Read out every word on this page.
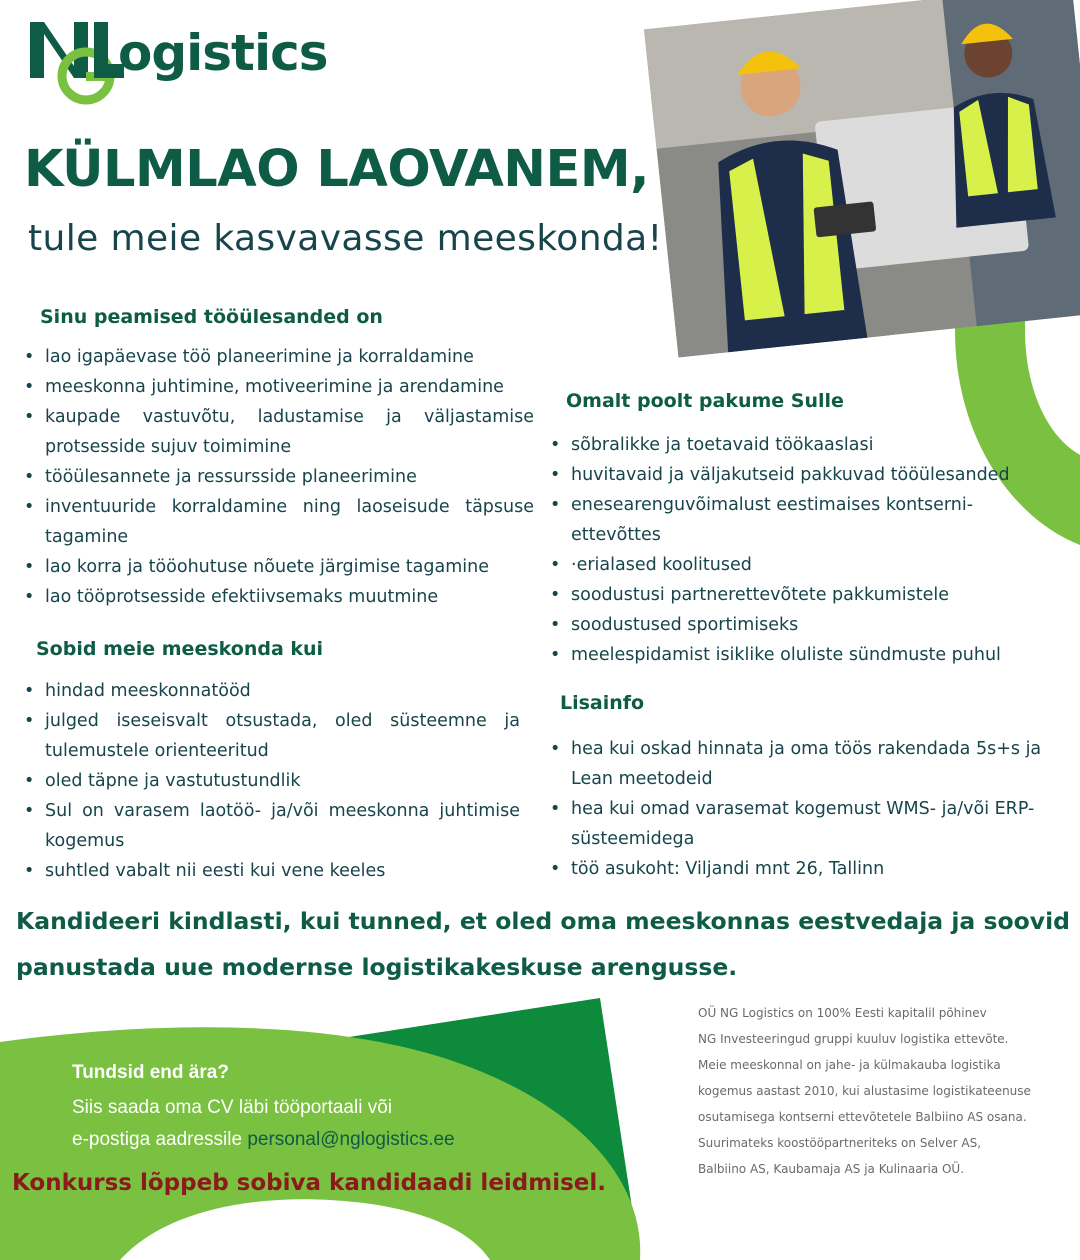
ogistics
KÜLMLAO LAOVANEM,
tule meie kasvavasse meeskonda!
Sinu peamised tööülesanded on
• lao igapäevase töö planeerimine ja korraldamine
• meeskonna juhtimine, motiveerimine ja arendamine
• kaupade vastuvõtu, ladustamise ja väljastamise protsesside sujuv toimimine
• tööülesannete ja ressursside planeerimine
• inventuuride korraldamine ning laoseisude täpsuse tagamine
• lao korra ja tööohutuse nõuete järgimise tagamine
• lao tööprotsesside efektiivsemaks muutmine
Sobid meie meeskonda kui
• hindad meeskonnatööd
• julged iseseisvalt otsustada, oled süsteemne ja tulemustele orienteeritud
• oled täpne ja vastutustundlik
• Sul on varasem laotöö- ja/või meeskonna juhtimise kogemus
• suhtled vabalt nii eesti kui vene keeles
Omalt poolt pakume Sulle
• sõbralikke ja toetavaid töökaaslasi
• huvitavaid ja väljakutseid pakkuvad tööülesanded
• enesearenguvõimalust eestimaises kontserni-ettevõttes
• ·erialased koolitused
• soodustusi partnerettevõtete pakkumistele
• soodustused sportimiseks
• meelespidamist isiklike oluliste sündmuste puhul
Lisainfo
• hea kui oskad hinnata ja oma töös rakendada 5s+s ja Lean meetodeid
• hea kui omad varasemat kogemust WMS- ja/või ERP-süsteemidega
• töö asukoht: Viljandi mnt 26, Tallinn
Kandideeri kindlasti, kui tunned, et oled oma meeskonnas eestvedaja ja soovid panustada uue modernse logistikakeskuse arengusse.
OÜ NG Logistics on 100% Eesti kapitalil põhinev
NG Investeeringud gruppi kuuluv logistika ettevõte.
Meie meeskonnal on jahe- ja külmakauba logistika
kogemus aastast 2010, kui alustasime logistikateenuse
osutamisega kontserni ettevõtetele Balbiino AS osana.
Suurimateks koostööpartneriteks on Selver AS,
Balbiino AS, Kaubamaja AS ja Kulinaaria OÜ.
Tundsid end ära?
Siis saada oma CV läbi tööportaali või
e-postiga aadressile personal@nglogistics.ee
Konkurss lõppeb sobiva kandidaadi leidmisel.
